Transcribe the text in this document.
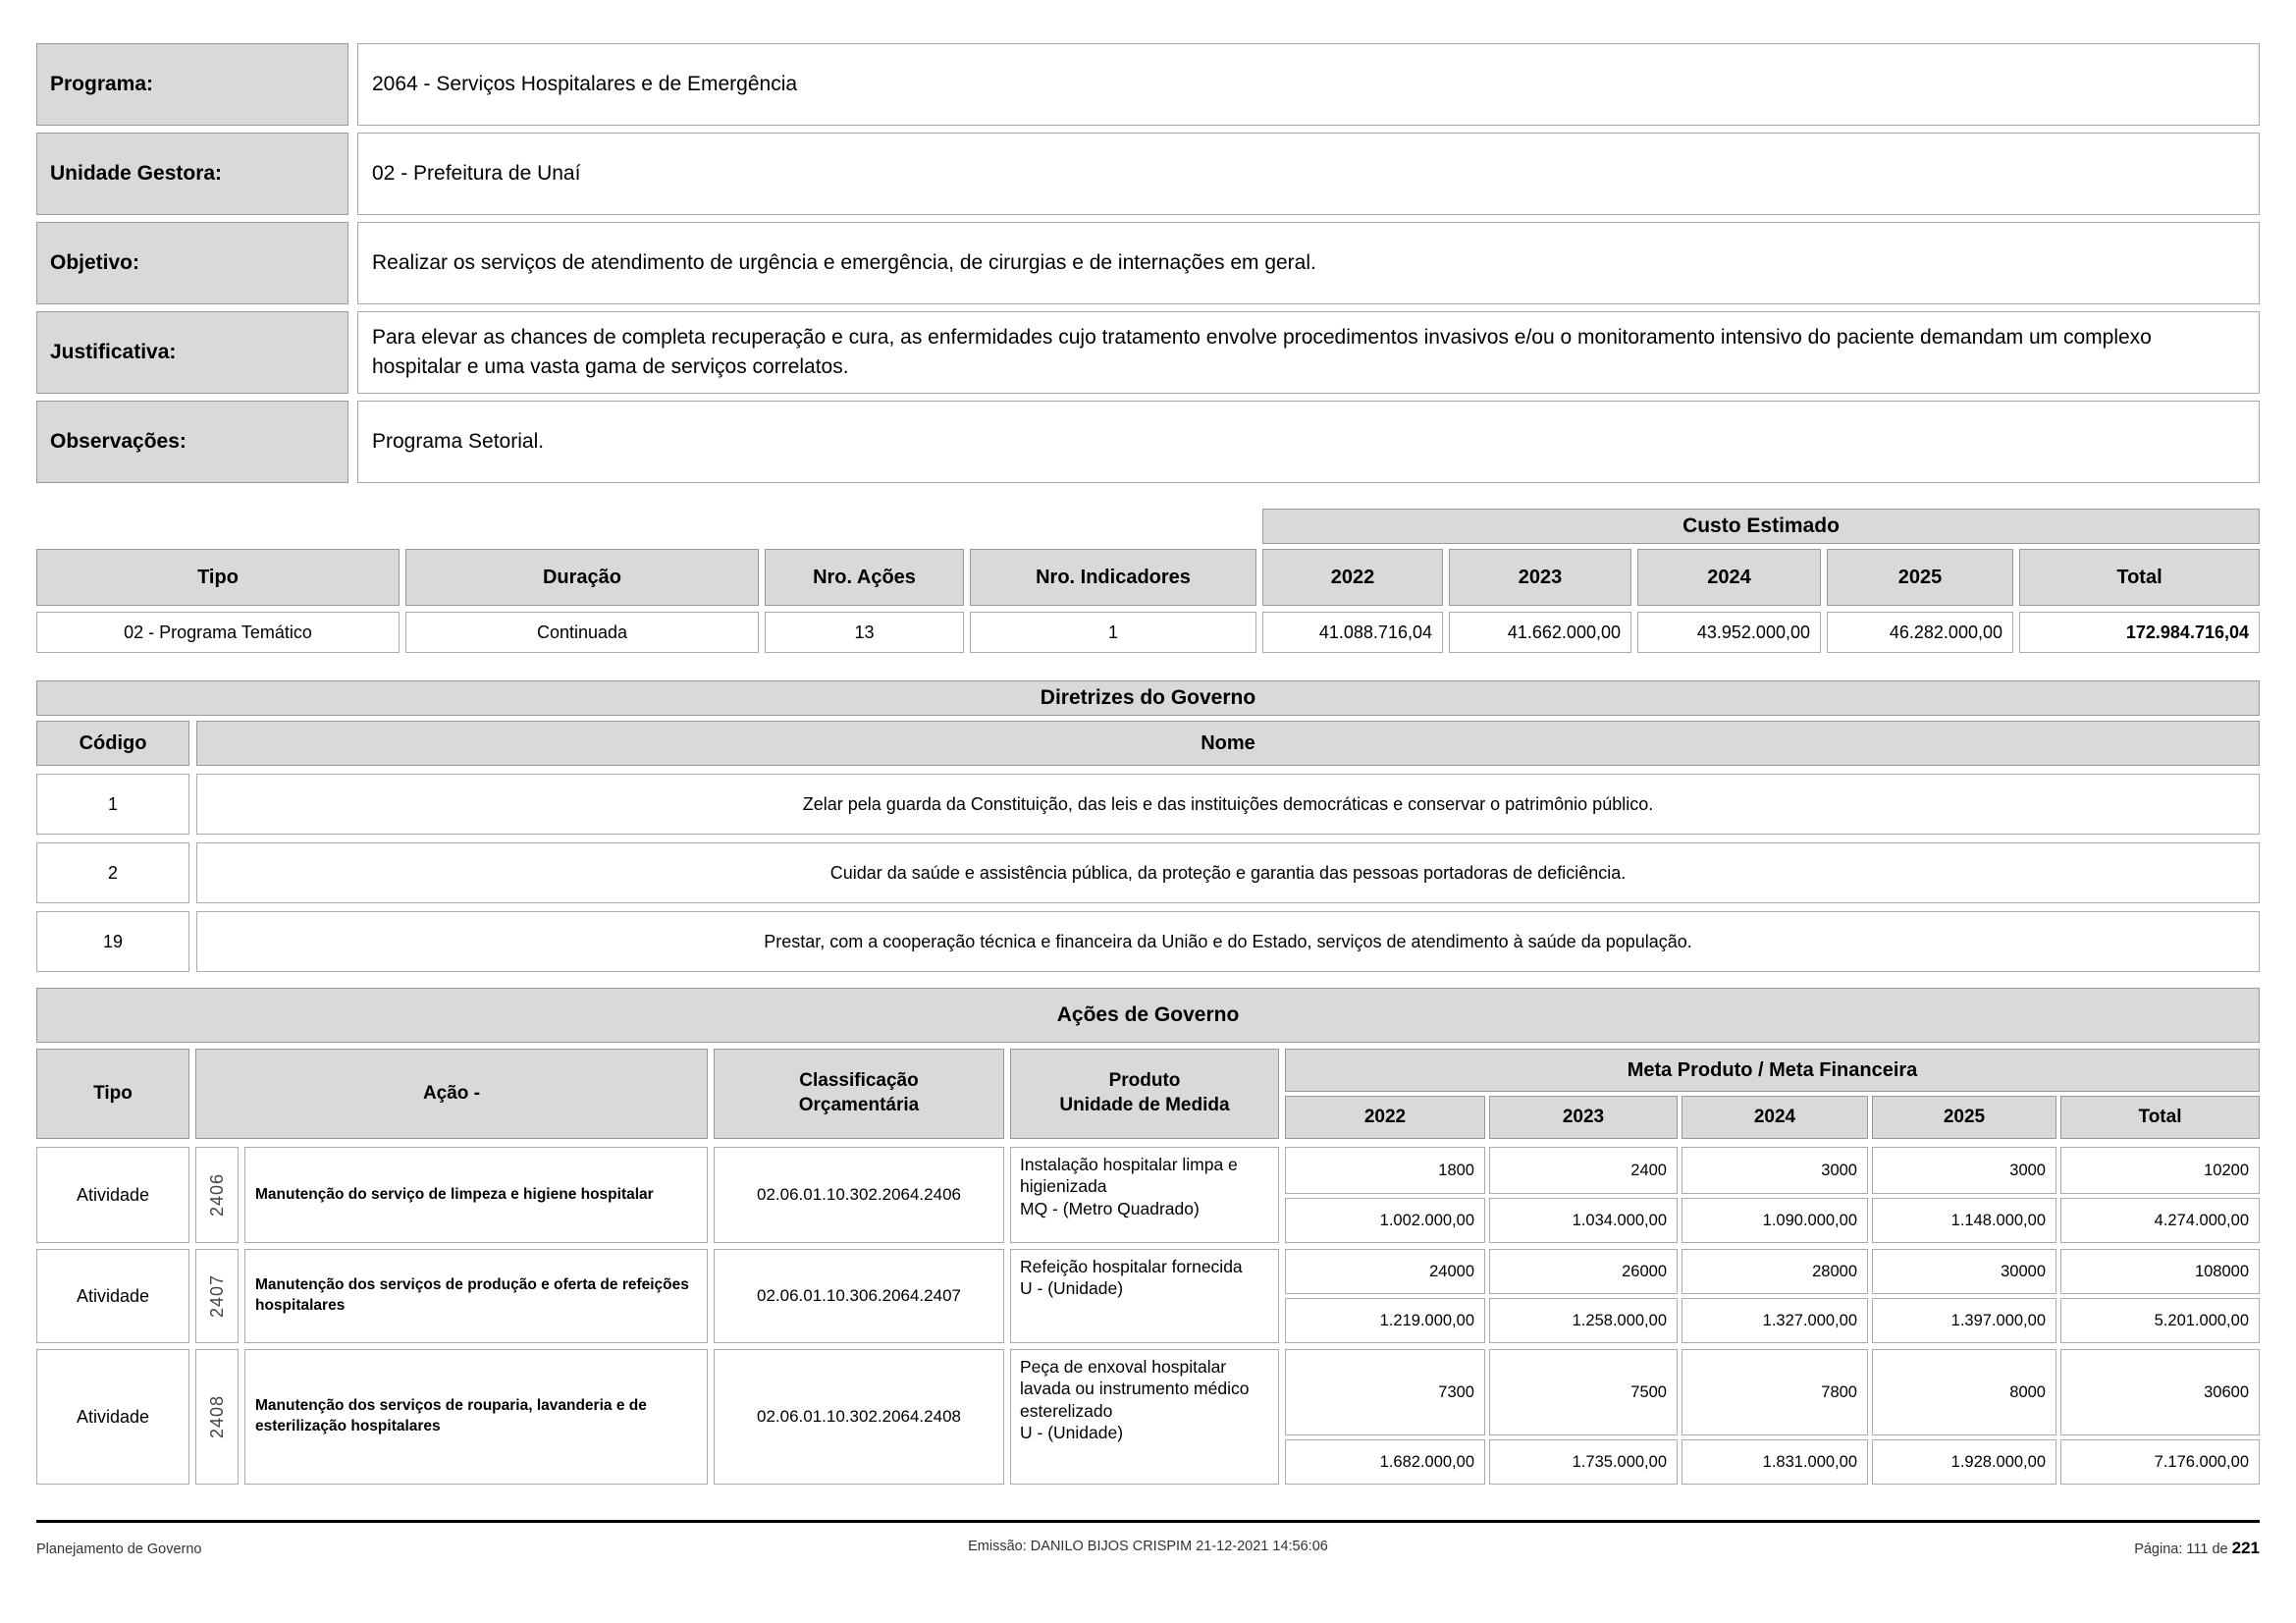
Programa:	2064 - Serviços Hospitalares e de Emergência
Unidade Gestora:	02 - Prefeitura de Unaí
Objetivo:	Realizar os serviços de atendimento de urgência e emergência, de cirurgias e de internações em geral.
Justificativa:
Para elevar as chances de completa recuperação e cura, as enfermidades cujo tratamento envolve procedimentos invasivos e/ou o monitoramento intensivo do paciente demandam um complexo hospitalar e uma vasta gama de serviços correlatos.
Observações:	Programa Setorial.
Custo Estimado
Tipo	Duração	Nro. Ações	Nro. Indicadores	2022	2023	2024	2025	Total
02 - Programa Temático	Continuada	13	1	41.088.716,04	41.662.000,00	43.952.000,00	46.282.000,00	172.984.716,04
Diretrizes do Governo
Código	Nome
1	Zelar pela guarda da Constituição, das leis e das instituições democráticas e conservar o patrimônio público.
2	Cuidar da saúde e assistência pública, da proteção e garantia das pessoas portadoras de deficiência.
19	Prestar, com a cooperação técnica e financeira da União e do Estado, serviços de atendimento à saúde da população.
Ações de Governo
Tipo	Ação -
Classificação
Orçamentária
Produto
Unidade de Medida
Meta Produto / Meta Financeira
2022	2023	2024	2025	Total
Atividade	2406	Manutenção do serviço de limpeza e higiene hospitalar	02.06.01.10.302.2064.2406
Instalação hospitalar limpa e higienizada
MQ - (Metro Quadrado)
1800	2400	3000	3000	10200
1.002.000,00	1.034.000,00	1.090.000,00	1.148.000,00	4.274.000,00
Atividade	2407	Manutenção dos serviços de produção e oferta de refeições hospitalares
02.06.01.10.306.2064.2407
Refeição hospitalar fornecida
U - (Unidade)
24000	26000	28000	30000	108000
1.219.000,00	1.258.000,00	1.327.000,00	1.397.000,00	5.201.000,00
Atividade	2408	Manutenção dos serviços de rouparia, lavanderia e de esterilização hospitalares
02.06.01.10.302.2064.2408
Peça de enxoval hospitalar lavada ou instrumento médico esterelizado
U - (Unidade)
7300	7500	7800	8000	30600
1.682.000,00	1.735.000,00	1.831.000,00	1.928.000,00	7.176.000,00
Planejamento de Governo	Emissão: DANILO BIJOS CRISPIM 21-12-2021 14:56:06	Página: 111 de 221
